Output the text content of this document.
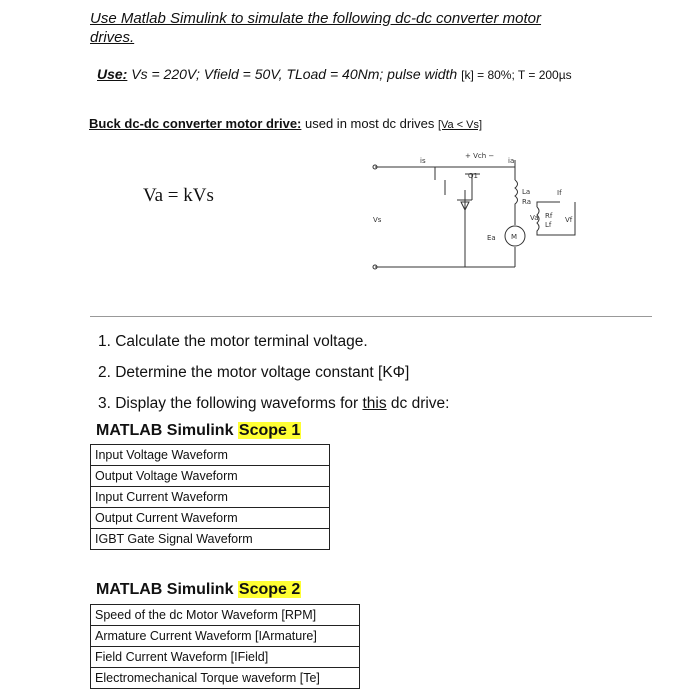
Use Matlab Simulink to simulate the following dc-dc converter motor
drives.
Use: Vs = 220V; Vfield = 50V, TLoad = 40Nm; pulse width [k] = 80%; T = 200µs
Buck dc-dc converter motor drive: used in most dc drives [Va < Vs]
Va = kVs
Vs
is
+ Vch −
Q1
ia
La
Ra
Va
Ea M
If
Rf
Lf
Vf
1. Calculate the motor terminal voltage.
2. Determine the motor voltage constant [KΦ]
3. Display the following waveforms for this dc drive:
MATLAB Simulink Scope 1
Input Voltage Waveform
Output Voltage Waveform
Input Current Waveform
Output Current Waveform
IGBT Gate Signal Waveform
MATLAB Simulink Scope 2
Speed of the dc Motor Waveform [RPM]
Armature Current Waveform [IArmature]
Field Current Waveform [IField]
Electromechanical Torque waveform [Te]
